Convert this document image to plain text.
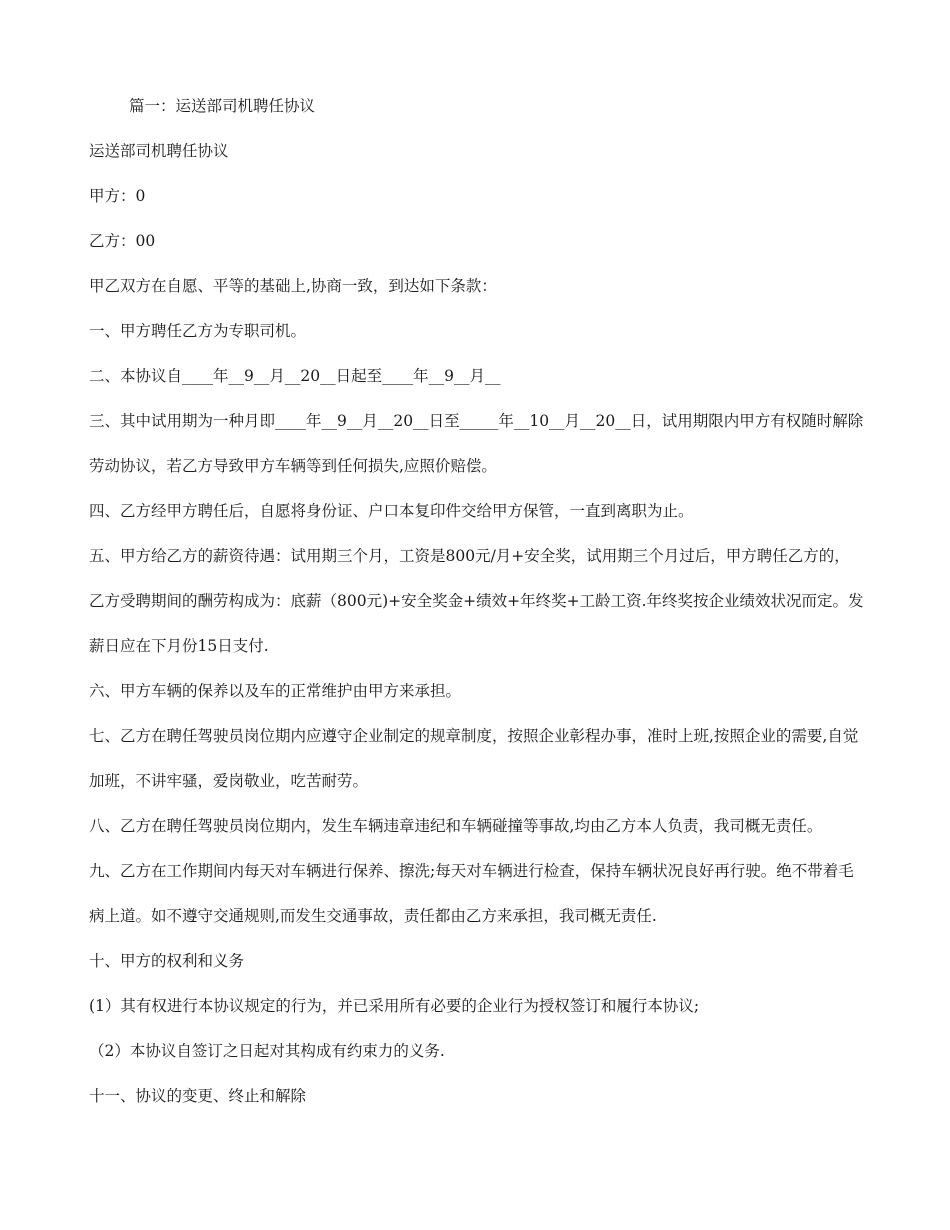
篇一：运送部司机聘任协议

运送部司机聘任协议

甲方：0

乙方：00

甲乙双方在自愿、平等的基础上,协商一致，到达如下条款：

一、甲方聘任乙方为专职司机。

二、本协议自____年__9__月__20__日起至____年__9__月__

三、其中试用期为一种月即____年__9__月__20__日至_____年__10__月__20__日，试用期限内甲方有权随时解除劳动协议，若乙方导致甲方车辆等到任何损失,应照价赔偿。

四、乙方经甲方聘任后，自愿将身份证、户口本复印件交给甲方保管，一直到离职为止。

五、甲方给乙方的薪资待遇：试用期三个月，工资是800元/月+安全奖，试用期三个月过后，甲方聘任乙方的，乙方受聘期间的酬劳构成为：底薪（800元)+安全奖金+绩效+年终奖+工龄工资.年终奖按企业绩效状况而定。发薪日应在下月份15日支付.

六、甲方车辆的保养以及车的正常维护由甲方来承担。

七、乙方在聘任驾驶员岗位期内应遵守企业制定的规章制度，按照企业彰程办事，准时上班,按照企业的需要,自觉加班，不讲牢骚，爱岗敬业，吃苦耐劳。

八、乙方在聘任驾驶员岗位期内，发生车辆违章违纪和车辆碰撞等事故,均由乙方本人负责，我司概无责任。

九、乙方在工作期间内每天对车辆进行保养、擦洗;每天对车辆进行检查，保持车辆状况良好再行驶。绝不带着毛病上道。如不遵守交通规则,而发生交通事故，责任都由乙方来承担，我司概无责任.

十、甲方的权利和义务

(1）其有权进行本协议规定的行为，并已采用所有必要的企业行为授权签订和履行本协议;

（2）本协议自签订之日起对其构成有约束力的义务.

十一、协议的变更、终止和解除
